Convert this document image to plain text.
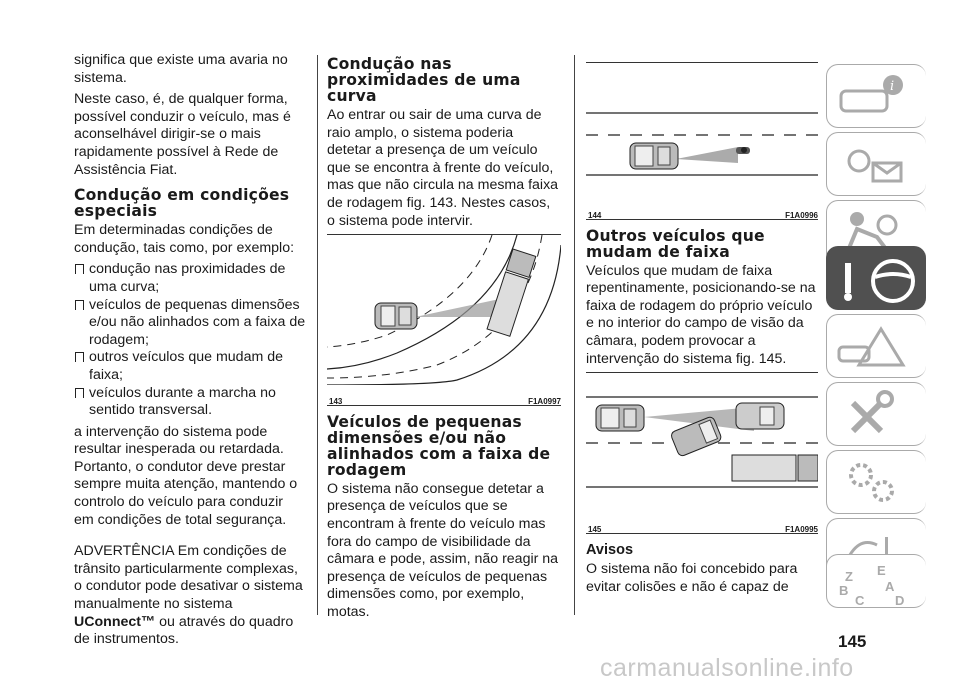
significa que existe uma avaria no sistema.

Neste caso, é, de qualquer forma, possível conduzir o veículo, mas é aconselhável dirigir-se o mais rapidamente possível à Rede de Assistência Fiat.

Condução em condições especiais

Em determinadas condições de condução, tais como, por exemplo:

condução nas proximidades de uma curva;
veículos de pequenas dimensões e/ou não alinhados com a faixa de rodagem;
outros veículos que mudam de faixa;
veículos durante a marcha no sentido transversal.

a intervenção do sistema pode resultar inesperada ou retardada. Portanto, o condutor deve prestar sempre muita atenção, mantendo o controlo do veículo para conduzir em condições de total segurança.

ADVERTÊNCIA Em condições de trânsito particularmente complexas, o condutor pode desativar o sistema manualmente no sistema UConnect™ ou através do quadro de instrumentos.

Condução nas proximidades de uma curva

Ao entrar ou sair de uma curva de raio amplo, o sistema poderia detetar a presença de um veículo que se encontra à frente do veículo, mas que não circula na mesma faixa de rodagem fig. 143. Nestes casos, o sistema pode intervir.

143	F1A0997
Veículos de pequenas dimensões e/ou não alinhados com a faixa de rodagem

O sistema não consegue detetar a presença de veículos que se encontram à frente do veículo mas fora do campo de visibilidade da câmara e pode, assim, não reagir na presença de veículos de pequenas dimensões como, por exemplo, motas.

144	F1A0996
Outros veículos que mudam de faixa

Veículos que mudam de faixa repentinamente, posicionando-se na faixa de rodagem do próprio veículo e no interior do campo de visão da câmara, podem provocar a intervenção do sistema fig. 145.

145	F1A0995
Avisos

O sistema não foi concebido para evitar colisões e não é capaz de

i
Z E
B	A
C D
145
carmanualsonline.info
